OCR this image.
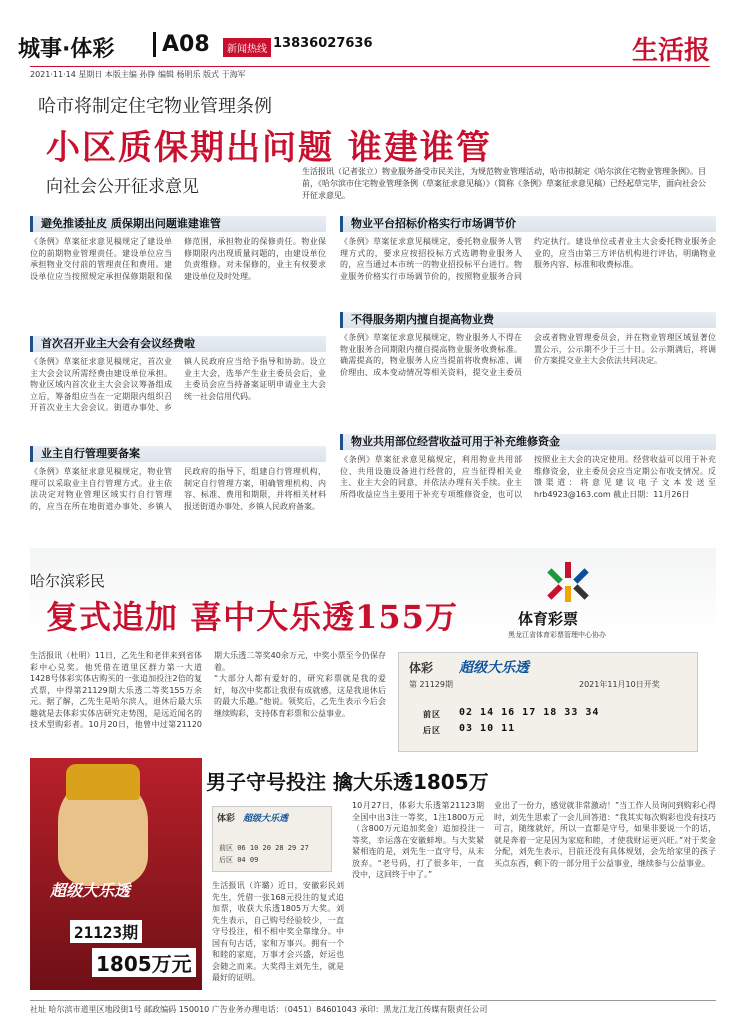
城事·体彩	A08	新闻热线 13836027636	生活报
2021·11·14 星期日 本版主编 孙铮 编辑 杨明乐 版式 于海军
哈市将制定住宅物业管理条例
小区质保期出问题 谁建谁管
向社会公开征求意见
生活报讯（记者张立）物业服务备受市民关注，为规范物业管理活动，哈市拟制定《哈尔滨住宅物业管理条例》。目前，《哈尔滨市住宅物业管理条例（草案征求意见稿）》（简称《条例》草案征求意见稿）已经起草完毕，面向社会公开征求意见。
避免推诿扯皮 质保期出问题谁建谁管
《条例》草案征求意见稿规定了建设单位的前期物业管理责任。建设单位应当承担物业交付前的管理责任和费用。建设单位应当按照规定承担保修期限和保修范围，承担物业的保修责任。物业保修期限内出现质量问题的，由建设单位负责维修。对未保修的，业主有权要求建设单位及时处理。
首次召开业主大会有会议经费啦
《条例》草案征求意见稿规定，首次业主大会会议所需经费由建设单位承担。物业区域内首次业主大会会议筹备组成立后，筹备组应当在一定期限内组织召开首次业主大会会议。街道办事处、乡镇人民政府应当给予指导和协助。设立业主大会，选举产生业主委员会后，业主委员会应当持备案证明申请业主大会统一社会信用代码。
业主自行管理要备案
《条例》草案征求意见稿规定，物业管理可以采取业主自行管理方式。业主依法决定对物业管理区域实行自行管理的，应当在所在地街道办事处、乡镇人民政府的指导下，组建自行管理机构，制定自行管理方案，明确管理机构、内容、标准、费用和期限，并将相关材料报送街道办事处、乡镇人民政府备案。
物业平台招标价格实行市场调节价
《条例》草案征求意见稿规定，委托物业服务人管理方式的，要求应按招投标方式选聘物业服务人的，应当通过本市统一的物业招投标平台进行。物业服务价格实行市场调节价的，按照物业服务合同约定执行。建设单位或者业主大会委托物业服务企业的，应当由第三方评估机构进行评估，明确物业服务内容、标准和收费标准。
不得服务期内擅自提高物业费
《条例》草案征求意见稿规定，物业服务人不得在物业服务合同期限内擅自提高物业服务收费标准。确需提高的，物业服务人应当提前将收费标准、调价理由、成本变动情况等相关资料，提交业主委员会或者物业管理委员会，并在物业管理区域显著位置公示，公示期不少于三十日。公示期满后，将调价方案提交业主大会依法共同决定。
物业共用部位经营收益可用于补充维修资金
《条例》草案征求意见稿规定，利用物业共用部位、共用设施设备进行经营的，应当征得相关业主、业主大会的同意，并依法办理有关手续。业主所得收益应当主要用于补充专项维修资金，也可以按照业主大会的决定使用。经营收益可以用于补充维修资金，业主委员会应当定期公布收支情况。反馈渠道：将意见建议电子文本发送至hrb4923@163.com 截止日期：11月26日
哈尔滨彩民
复式追加 喜中大乐透155万	体育彩票
黑龙江省体育彩票管理中心协办
生活报讯（杜明）11日，乙先生和老伴来到省体彩中心兑奖。他凭借在道里区群力第一大道1428号体彩实体店购买的一张追加投注2倍的复式票，中得第21129期大乐透二等奖155万余元。据了解，乙先生是哈尔滨人，退休后最大乐趣就是去体彩实体店研究走势图，是远近闻名的技术型购彩者。10月20日，他曾中过第21120期大乐透二等奖40余万元，中奖小票至今仍保存着。
“大部分人都有爱好的，研究彩票就是我的爱好，每次中奖都让我很有成就感，这是我退休后的最大乐趣。”他说。领奖后，乙先生表示今后会继续购彩，支持体育彩票和公益事业。
体彩 超级大乐透
第 21129期	2021年11月10日开奖
前区 02 14 16 17 18 33 34
后区 03 10 11
超级大乐透
21123期
1805万元
男子守号投注 擒大乐透1805万
体彩 超级大乐透
前区 06 10 20 28 29 27
后区 04 09
生活报讯（许璐）近日，安徽彩民刘先生，凭借一张168元投注的复式追加票，收获大乐透1805万大奖。刘先生表示，自己购号经验较少，一直守号投注，相不相中奖全靠缘分。中国有句古话，家和万事兴。拥有一个和睦的家庭，万事才会兴盛，好运也会随之而来。大奖得主刘先生，就是最好的证明。
10月27日，体彩大乐透第21123期全国中出3注一等奖，1注1800万元（含800万元追加奖金）追加投注一等奖，幸运落在安徽蚌埠。与大奖紧紧相连的是，刘先生一直守号，从未放弃。“老号码，打了很多年，一直没中，这回终于中了。”
业出了一份力，感觉就非常激动！”当工作人员询问到购彩心得时，刘先生思索了一会儿回答道：“我其实每次购彩也没有技巧可言，随缘就好，所以一直都是守号，如果非要说一个的话，就是奔着一定是因为家庭和睦，才使我财运更兴旺。”对于奖金分配，刘先生表示，目前还没有具体规划，会先给家里的孩子买点东西，剩下的一部分用于公益事业，继续参与公益事业。
社址 哈尔滨市道里区地段街1号 邮政编码 150010 广告业务办理电话：（0451）84601043 承印：黑龙江龙江传媒有限责任公司
